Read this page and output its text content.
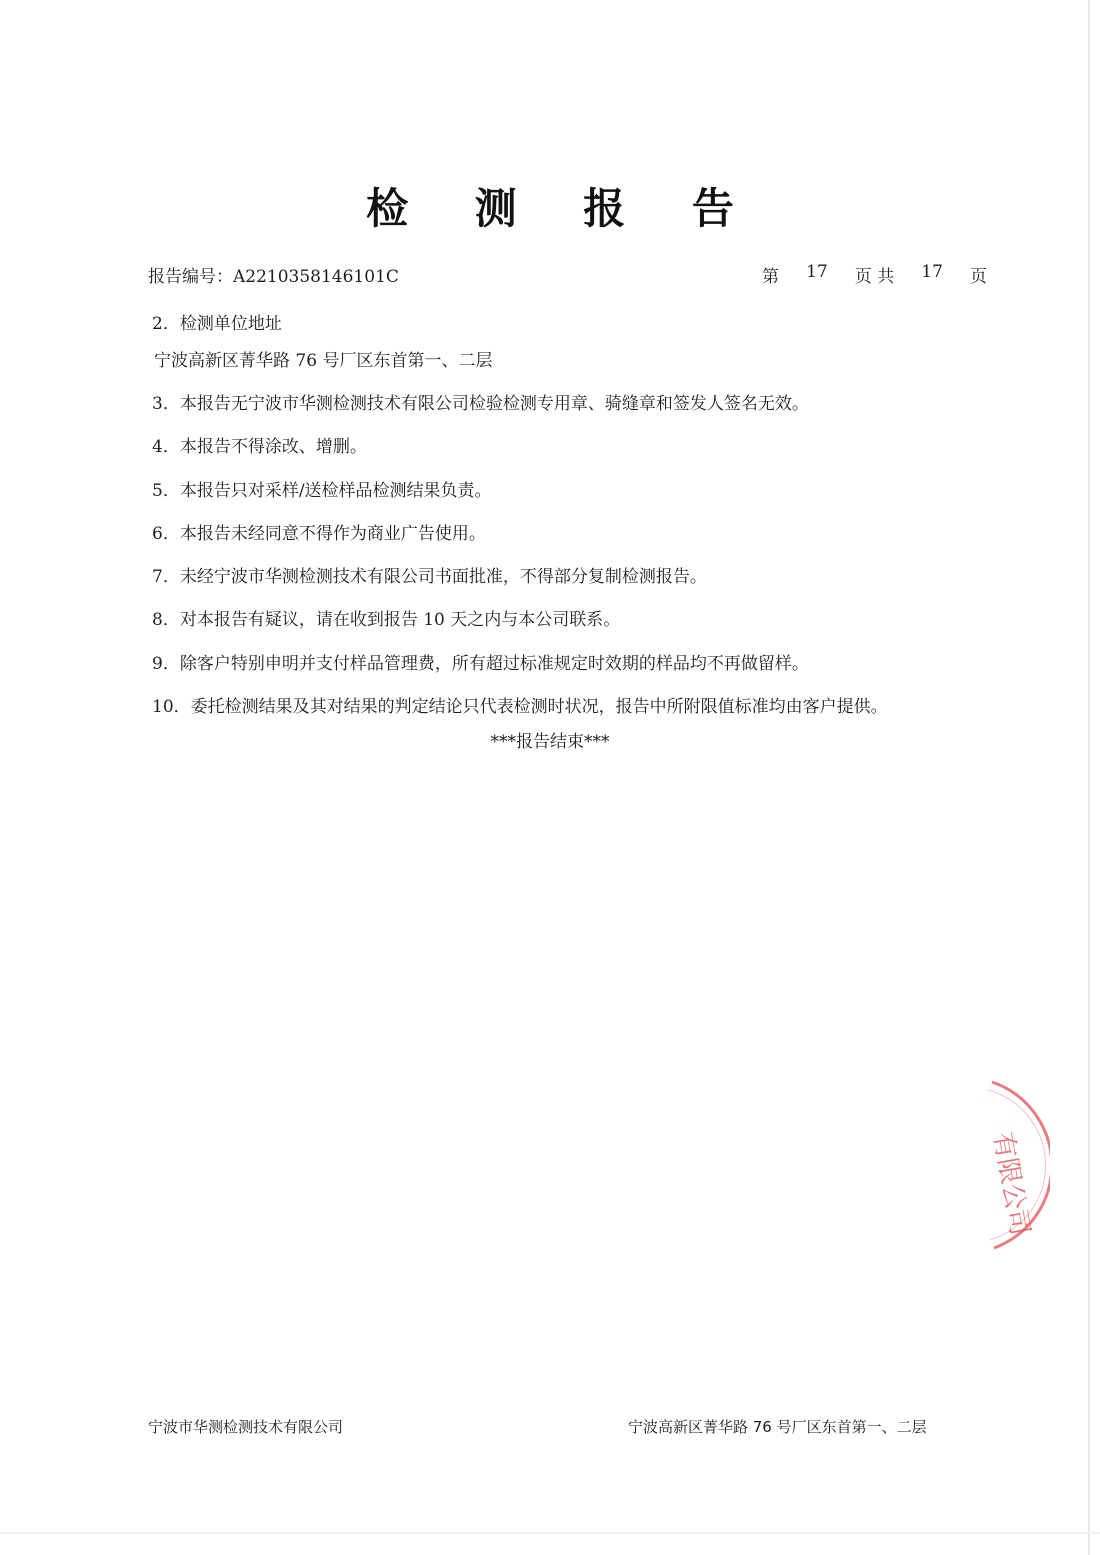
检 测 报 告
报告编号：A2210358146101C	第 17 页 共 17 页
2．检测单位地址
宁波高新区菁华路 76 号厂区东首第一、二层
3．本报告无宁波市华测检测技术有限公司检验检测专用章、骑缝章和签发人签名无效。
4．本报告不得涂改、增删。
5．本报告只对采样/送检样品检测结果负责。
6．本报告未经同意不得作为商业广告使用。
7．未经宁波市华测检测技术有限公司书面批准，不得部分复制检测报告。
8．对本报告有疑议，请在收到报告 10 天之内与本公司联系。
9．除客户特别申明并支付样品管理费，所有超过标准规定时效期的样品均不再做留样。
10．委托检测结果及其对结果的判定结论只代表检测时状况，报告中所附限值标准均由客户提供。
***报告结束***
有限公司
宁波市华测检测技术有限公司	宁波高新区菁华路 76 号厂区东首第一、二层
